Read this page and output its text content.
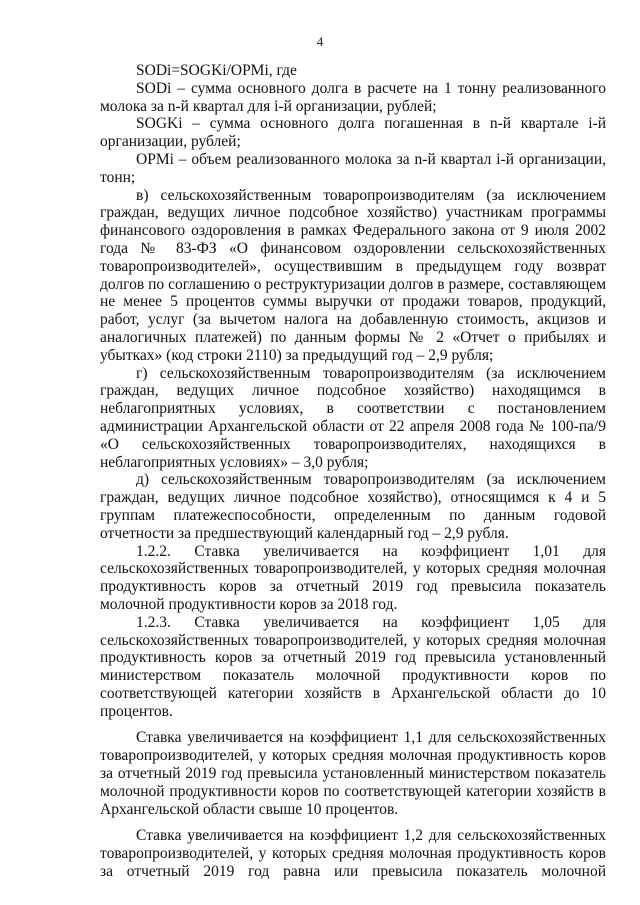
4

SODi=SOGKi/OPMi, где

SODi – сумма основного долга в расчете на 1 тонну реализованного молока за n-й квартал для i-й организации, рублей;

SOGKi – сумма основного долга погашенная в n-й квартале i-й организации, рублей;

OPMi – объем реализованного молока за n-й квартал i-й организации, тонн;

в) сельскохозяйственным товаропроизводителям (за исключением граждан, ведущих личное подсобное хозяйство) участникам программы финансового оздоровления в рамках Федерального закона от 9 июля 2002 года № 83-ФЗ «О финансовом оздоровлении сельскохозяйственных товаропроизводителей», осуществившим в предыдущем году возврат долгов по соглашению о реструктуризации долгов в размере, составляющем не менее 5 процентов суммы выручки от продажи товаров, продукций, работ, услуг (за вычетом налога на добавленную стоимость, акцизов и аналогичных платежей) по данным формы № 2 «Отчет о прибылях и убытках» (код строки 2110) за предыдущий год – 2,9 рубля;

г) сельскохозяйственным товаропроизводителям (за исключением граждан, ведущих личное подсобное хозяйство) находящимся в неблагоприятных условиях, в соответствии с постановлением администрации Архангельской области от 22 апреля 2008 года № 100-па/9 «О сельскохозяйственных товаропроизводителях, находящихся в неблагоприятных условиях» – 3,0 рубля;

д) сельскохозяйственным товаропроизводителям (за исключением граждан, ведущих личное подсобное хозяйство), относящимся к 4 и 5 группам платежеспособности, определенным по данным годовой отчетности за предшествующий календарный год – 2,9 рубля.

1.2.2. Ставка увеличивается на коэффициент 1,01 для сельскохозяйственных товаропроизводителей, у которых средняя молочная продуктивность коров за отчетный 2019 год превысила показатель молочной продуктивности коров за 2018 год.

1.2.3. Ставка увеличивается на коэффициент 1,05 для сельскохозяйственных товаропроизводителей, у которых средняя молочная продуктивность коров за отчетный 2019 год превысила установленный министерством показатель молочной продуктивности коров по соответствующей категории хозяйств в Архангельской области до 10 процентов.

Ставка увеличивается на коэффициент 1,1 для сельскохозяйственных товаропроизводителей, у которых средняя молочная продуктивность коров за отчетный 2019 год превысила установленный министерством показатель молочной продуктивности коров по соответствующей категории хозяйств в Архангельской области свыше 10 процентов.

Ставка увеличивается на коэффициент 1,2 для сельскохозяйственных товаропроизводителей, у которых средняя молочная продуктивность коров за отчетный 2019 год равна или превысила показатель молочной
